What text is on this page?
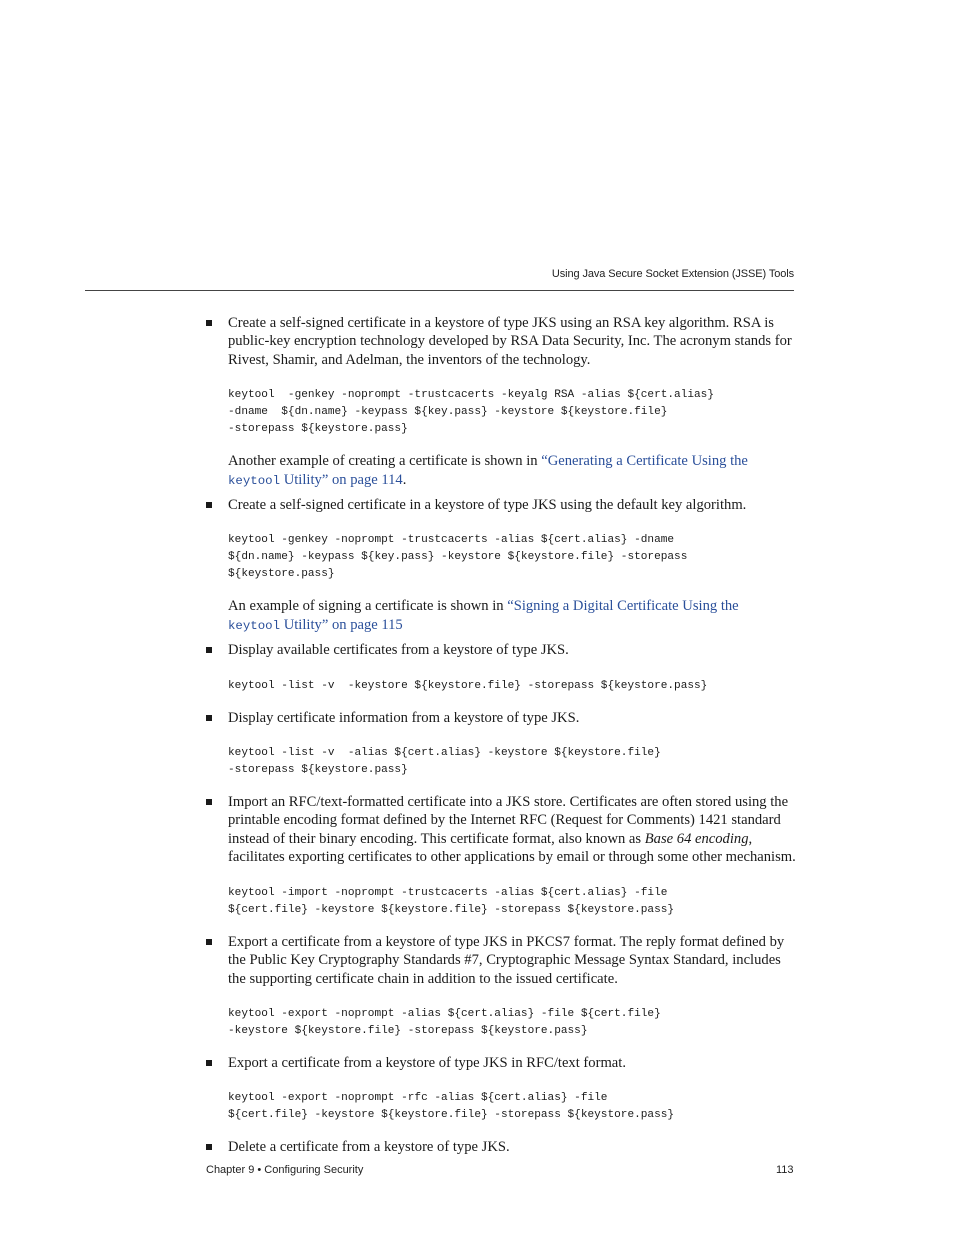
Using Java Secure Socket Extension (JSSE) Tools

Create a self-signed certificate in a keystore of type JKS using an RSA key algorithm. RSA is public-key encryption technology developed by RSA Data Security, Inc. The acronym stands for Rivest, Shamir, and Adelman, the inventors of the technology.

keytool  -genkey -noprompt -trustcacerts -keyalg RSA -alias ${cert.alias}
-dname  ${dn.name} -keypass ${key.pass} -keystore ${keystore.file}
-storepass ${keystore.pass}

Another example of creating a certificate is shown in “Generating a Certificate Using the keytool Utility” on page 114.

Create a self-signed certificate in a keystore of type JKS using the default key algorithm.

keytool -genkey -noprompt -trustcacerts -alias ${cert.alias} -dname
${dn.name} -keypass ${key.pass} -keystore ${keystore.file} -storepass
${keystore.pass}

An example of signing a certificate is shown in “Signing a Digital Certificate Using the
keytool Utility” on page 115

Display available certificates from a keystore of type JKS.

keytool -list -v  -keystore ${keystore.file} -storepass ${keystore.pass}

Display certificate information from a keystore of type JKS.

keytool -list -v  -alias ${cert.alias} -keystore ${keystore.file}
-storepass ${keystore.pass}

Import an RFC/text-formatted certificate into a JKS store. Certificates are often stored using the printable encoding format defined by the Internet RFC (Request for Comments) 1421 standard instead of their binary encoding. This certificate format, also known as Base 64 encoding, facilitates exporting certificates to other applications by email or through some other mechanism.

keytool -import -noprompt -trustcacerts -alias ${cert.alias} -file
${cert.file} -keystore ${keystore.file} -storepass ${keystore.pass}

Export a certificate from a keystore of type JKS in PKCS7 format. The reply format defined by the Public Key Cryptography Standards #7, Cryptographic Message Syntax Standard, includes the supporting certificate chain in addition to the issued certificate.

keytool -export -noprompt -alias ${cert.alias} -file ${cert.file}
-keystore ${keystore.file} -storepass ${keystore.pass}

Export a certificate from a keystore of type JKS in RFC/text format.

keytool -export -noprompt -rfc -alias ${cert.alias} -file
${cert.file} -keystore ${keystore.file} -storepass ${keystore.pass}

Delete a certificate from a keystore of type JKS.

Chapter 9 • Configuring Security	113
